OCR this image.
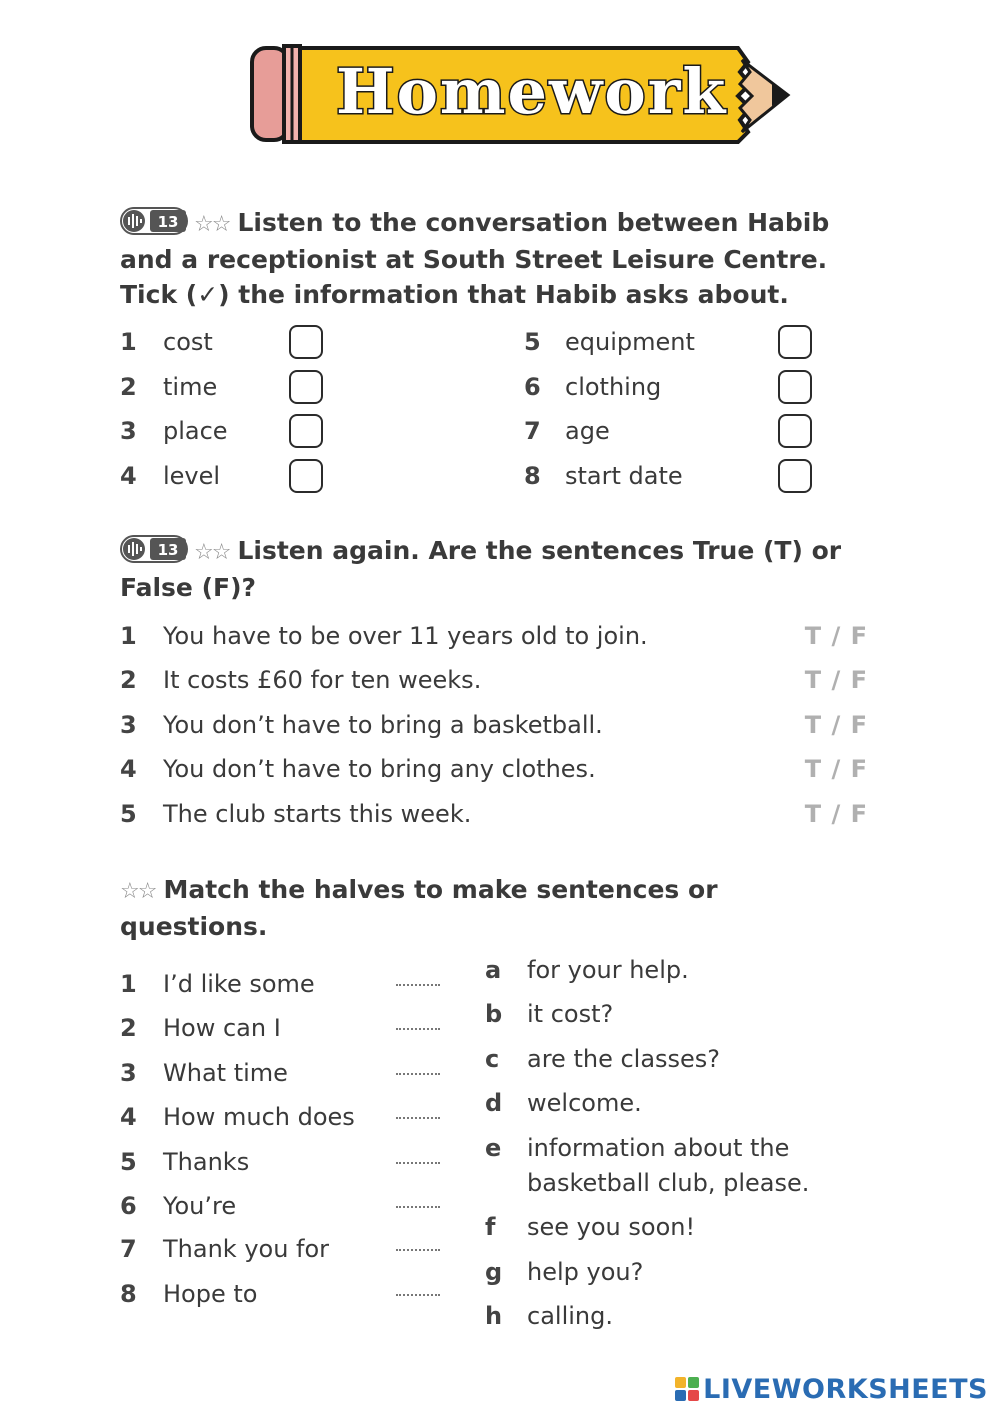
Homework
13 ☆☆ Listen to the conversation between Habib
and a receptionist at South Street Leisure Centre.
Tick (✓) the information that Habib asks about.
1 cost
2 time
3 place
4 level
5 equipment
6 clothing
7 age
8 start date
13 ☆☆ Listen again. Are the sentences True (T) or
False (F)?
1 You have to be over 11 years old to join.	T / F
2 It costs £60 for ten weeks.	T / F
3 You don’t have to bring a basketball.	T / F
4 You don’t have to bring any clothes.	T / F
5 The club starts this week.	T / F
☆☆ Match the halves to make sentences or
questions.
1 I’d like some
2 How can I
3 What time
4 How much does
5 Thanks
6 You’re
7 Thank you for
8 Hope to
a for your help.
b it cost?
c are the classes?
d welcome.
e information about the
basketball club, please.
f see you soon!
g help you?
h calling.
LIVEWORKSHEETS
